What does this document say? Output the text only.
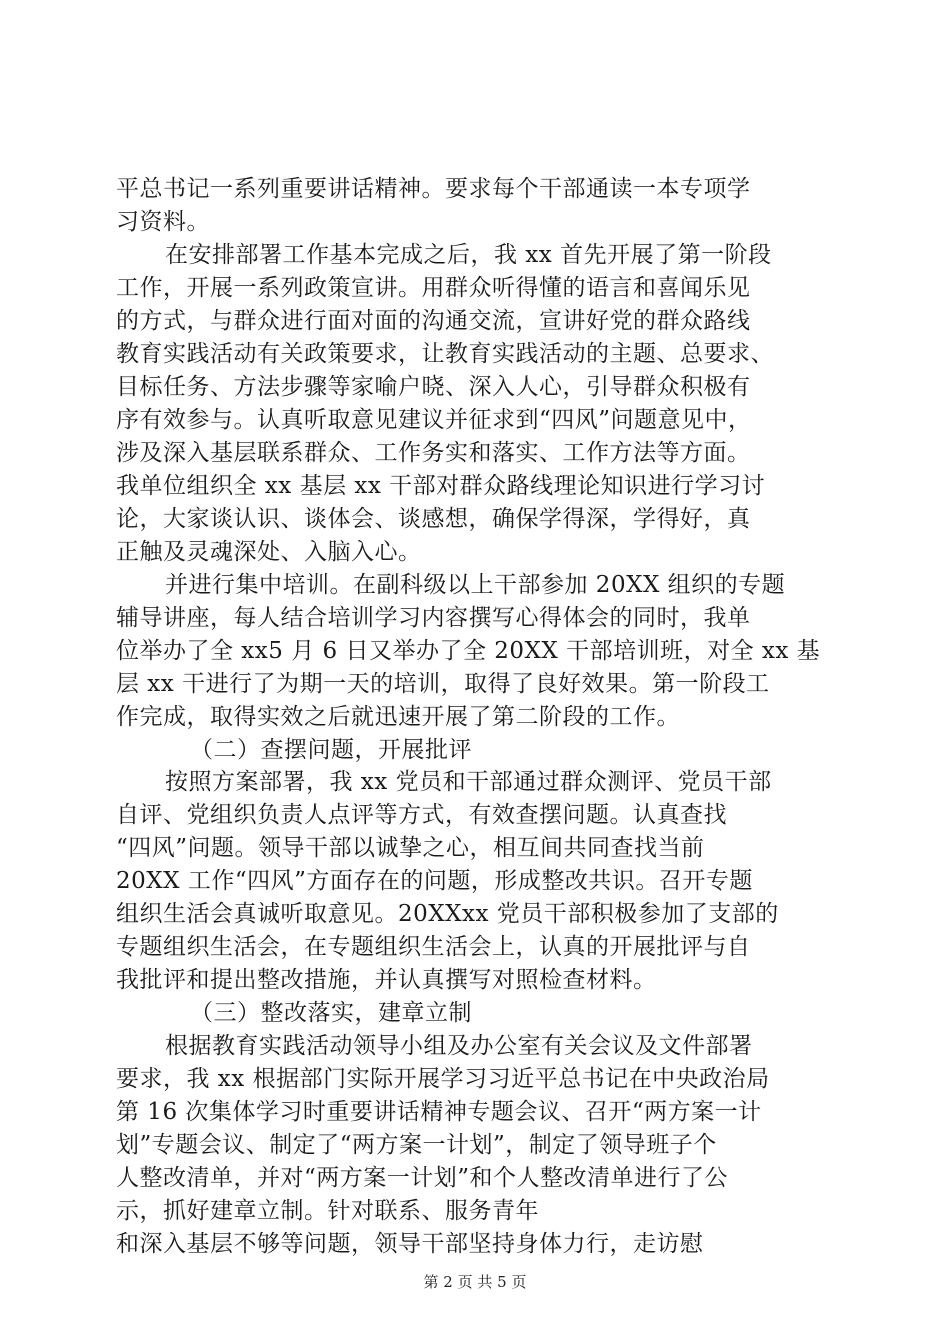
平总书记一系列重要讲话精神。要求每个干部通读一本专项学

习资料。

在安排部署工作基本完成之后，我 xx 首先开展了第一阶段

工作，开展一系列政策宣讲。用群众听得懂的语言和喜闻乐见

的方式，与群众进行面对面的沟通交流，宣讲好党的群众路线

教育实践活动有关政策要求，让教育实践活动的主题、总要求、

目标任务、方法步骤等家喻户晓、深入人心，引导群众积极有

序有效参与。认真听取意见建议并征求到“四风”问题意见中，

涉及深入基层联系群众、工作务实和落实、工作方法等方面。

我单位组织全 xx 基层 xx 干部对群众路线理论知识进行学习讨

论，大家谈认识、谈体会、谈感想，确保学得深，学得好，真

正触及灵魂深处、入脑入心。

并进行集中培训。在副科级以上干部参加 20XX 组织的专题

辅导讲座，每人结合培训学习内容撰写心得体会的同时，我单

位举办了全 xx5 月 6 日又举办了全 20XX 干部培训班，对全 xx 基

层 xx 干进行了为期一天的培训，取得了良好效果。第一阶段工

作完成，取得实效之后就迅速开展了第二阶段的工作。

（二）查摆问题，开展批评

按照方案部署，我 xx 党员和干部通过群众测评、党员干部

自评、党组织负责人点评等方式，有效查摆问题。认真查找

“四风”问题。领导干部以诚挚之心，相互间共同查找当前

20XX 工作“四风”方面存在的问题，形成整改共识。召开专题

组织生活会真诚听取意见。20XXxx 党员干部积极参加了支部的

专题组织生活会，在专题组织生活会上，认真的开展批评与自

我批评和提出整改措施，并认真撰写对照检查材料。

（三）整改落实，建章立制

根据教育实践活动领导小组及办公室有关会议及文件部署

要求，我 xx 根据部门实际开展学习习近平总书记在中央政治局

第 16 次集体学习时重要讲话精神专题会议、召开“两方案一计

划”专题会议、制定了“两方案一计划”，制定了领导班子个

人整改清单，并对“两方案一计划”和个人整改清单进行了公

示，抓好建章立制。针对联系、服务青年

和深入基层不够等问题，领导干部坚持身体力行，走访慰

第 2 页 共 5 页
